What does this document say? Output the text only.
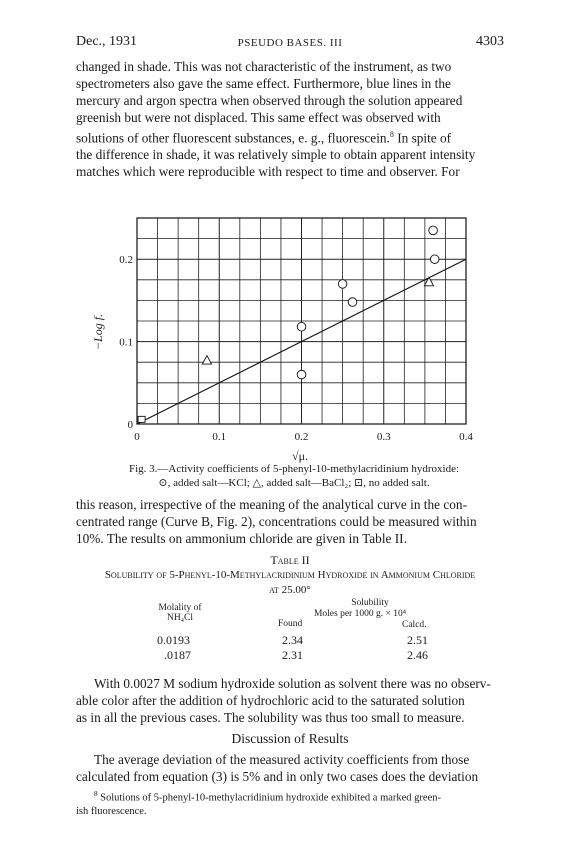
Dec., 1931	PSEUDO BASES. III	4303

changed in shade. This was not characteristic of the instrument, as two

spectrometers also gave the same effect. Furthermore, blue lines in the

mercury and argon spectra when observed through the solution appeared

greenish but were not displaced. This same effect was observed with

solutions of other fluorescent substances, e. g., fluorescein.$^8$ In spite of

the difference in shade, it was relatively simple to obtain apparent intensity

matches which were reproducible with respect to time and observer. For

0	0.1	0.2	0.3	0.4
0
0.1
0.2
−Log f.
√μ.
Fig. 3.—Activity coefficients of 5-phenyl-10-methylacridinium hydroxide:
⊙, added salt—KCl; △, added salt—BaCl₂; ⊡, no added salt.

this reason, irrespective of the meaning of the analytical curve in the con-

centrated range (Curve B, Fig. 2), concentrations could be measured within

10%. The results on ammonium chloride are given in Table II.

Table II
Solubility of 5-Phenyl-10-Methylacridinium Hydroxide in Ammonium Chloride
at 25.00°
Solubility
Moles per 1000 g. × 10⁴
Molality of
NH₄Cl
Found	Calcd.
0.0193	2.34	2.51
.0187	2.31	2.46

With 0.0027 M sodium hydroxide solution as solvent there was no observ-

able color after the addition of hydrochloric acid to the saturated solution

as in all the previous cases. The solubility was thus too small to measure.

Discussion of Results

The average deviation of the measured activity coefficients from those

calculated from equation (3) is 5% and in only two cases does the deviation

$^8$ Solutions of 5-phenyl-10-methylacridinium hydroxide exhibited a marked green-
ish fluorescence.
